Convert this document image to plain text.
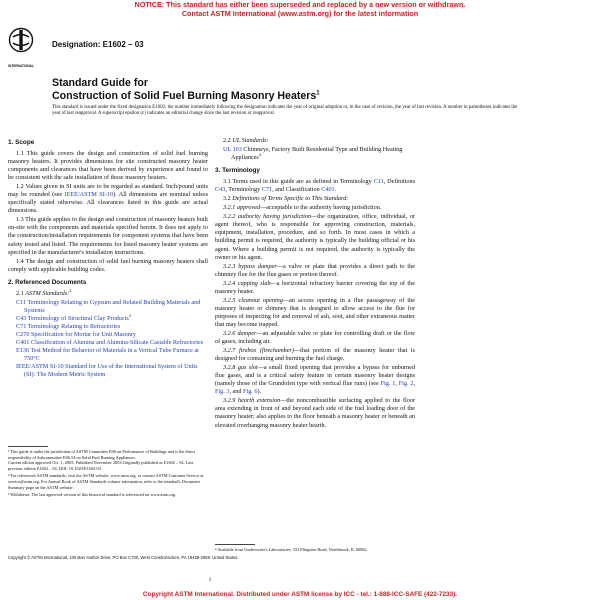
NOTICE: This standard has either been superseded and replaced by a new version or withdrawn.
Contact ASTM International (www.astm.org) for the latest information
INTERNATIONAL
Designation: E1602 – 03
Standard Guide for
Construction of Solid Fuel Burning Masonry Heaters$^1$
This standard is issued under the fixed designation E1602; the number immediately following the designation indicates the year of original adoption or, in the case of revision, the year of last revision. A number in parentheses indicates the year of last reapproval. A superscript epsilon (ε) indicates an editorial change since the last revision or reapproval.
1. Scope

1.1 This guide covers the design and construction of solid fuel burning masonry heaters. It provides dimensions for site constructed masonry heater components and clearances that have been derived by experience and found to be consistent with the safe installation of those masonry heaters.

1.2 Values given in SI units are to be regarded as standard. Inch/pound units may be rounded (see IEEE/ASTM SI-10). All dimensions are nominal unless specifically stated otherwise. All clearances listed in this guide are actual dimensions.

1.3 This guide applies to the design and construction of masonry heaters built on-site with the components and materials specified herein. It does not apply to the construction/installation requirements for component systems that have been safety tested and listed. The requirements for listed masonry heater systems are specified in the manufacturer's installation instructions.

1.4 The design and construction of solid fuel burning masonry heaters shall comply with applicable building codes.

2. Referenced Documents

2.1 ASTM Standards:$^2$

C11 Terminology Relating to Gypsum and Related Building Materials and Systems
C43 Terminology of Structural Clay Products$^3$
C71 Terminology Relating to Refractories
C270 Specification for Mortar for Unit Masonry
C401 Classification of Alumina and Alumina-Silicate Castable Refractories
E136 Test Method for Behavior of Materials in a Vertical Tube Furnace at 750°C
IEEE/ASTM SI-10 Standard for Use of the International System of Units (SI): The Modern Metric System
¹ This guide is under the jurisdiction of ASTM Committee E06 on Performance of Buildings and is the direct responsibility of Subcommittee E06.54 on Solid Fuel Burning Appliances.
Current edition approved Oct. 1, 2003. Published November 2003.Originally published as E1602 – 94. Last previous edition E1602 – 94. DOI: 10.1520/E1602-03.
² For referenced ASTM standards, visit the ASTM website, www.astm.org, or contact ASTM Customer Service at service@astm.org. For Annual Book of ASTM Standards volume information, refer to the standard's Document Summary page on the ASTM website.
³ Withdrawn. The last approved version of this historical standard is referenced on www.astm.org.

2.2 UL Standards:

UL 103 Chimneys, Factory Built Residential Type and Building Heating Appliances$^4$
3. Terminology

3.1 Terms used in this guide are as defined in Terminology C11, Definitions C43, Terminology C71, and Classification C401.

3.2 Definitions of Terms Specific to This Standard:

3.2.1 approved—acceptable to the authority having jurisdiction.

3.2.2 authority having jurisdiction—the organization, office, individual, or agent thereof, who is responsible for approving construction, materials, equipment, installation, procedure, and so forth. In most cases in which a building permit is required, the authority is typically the building official or his agent. Where a building permit is not required, the authority is typically the owner or his agent.

3.2.3 bypass damper—a valve or plate that provides a direct path to the chimney flue for the flue gases or portion thereof.

3.2.4 capping slab—a horizontal refractory barrier covering the top of the masonry heater.

3.2.5 cleanout opening—an access opening in a flue passageway of the masonry heater or chimney that is designed to allow access to the flue for purposes of inspecting for and removal of ash, soot, and other extraneous matter that may become trapped.

3.2.6 damper—an adjustable valve or plate for controlling draft or the flow of gases, including air.

3.2.7 firebox (firechamber)—that portion of the masonry heater that is designed for containing and burning the fuel charge.

3.2.8 gas slot—a small fixed opening that provides a bypass for unburned flue gases, and is a critical safety feature in certain masonry heater designs (namely those of the Grundofen type with vertical flue runs) (see Fig. 1, Fig. 2, Fig. 3, and Fig. 6).

3.2.9 hearth extension—the noncombustible surfacing applied to the floor area extending in front of and beyond each side of the fuel loading door of the masonry heater; also applies to the floor beneath a masonry heater or beneath an elevated overhanging masonry heater hearth.

⁴ Available from Underwriter's Laboratories, 333 Pfingsten Road, Northbrook, IL 60062.
Copyright © ASTM International, 100 Barr Harbor Drive, PO Box C700, West Conshohocken, PA 19428-2959. United States.
1
Copyright ASTM International. Distributed under ASTM license by ICC - tel.: 1-888-ICC-SAFE (422-7233).
